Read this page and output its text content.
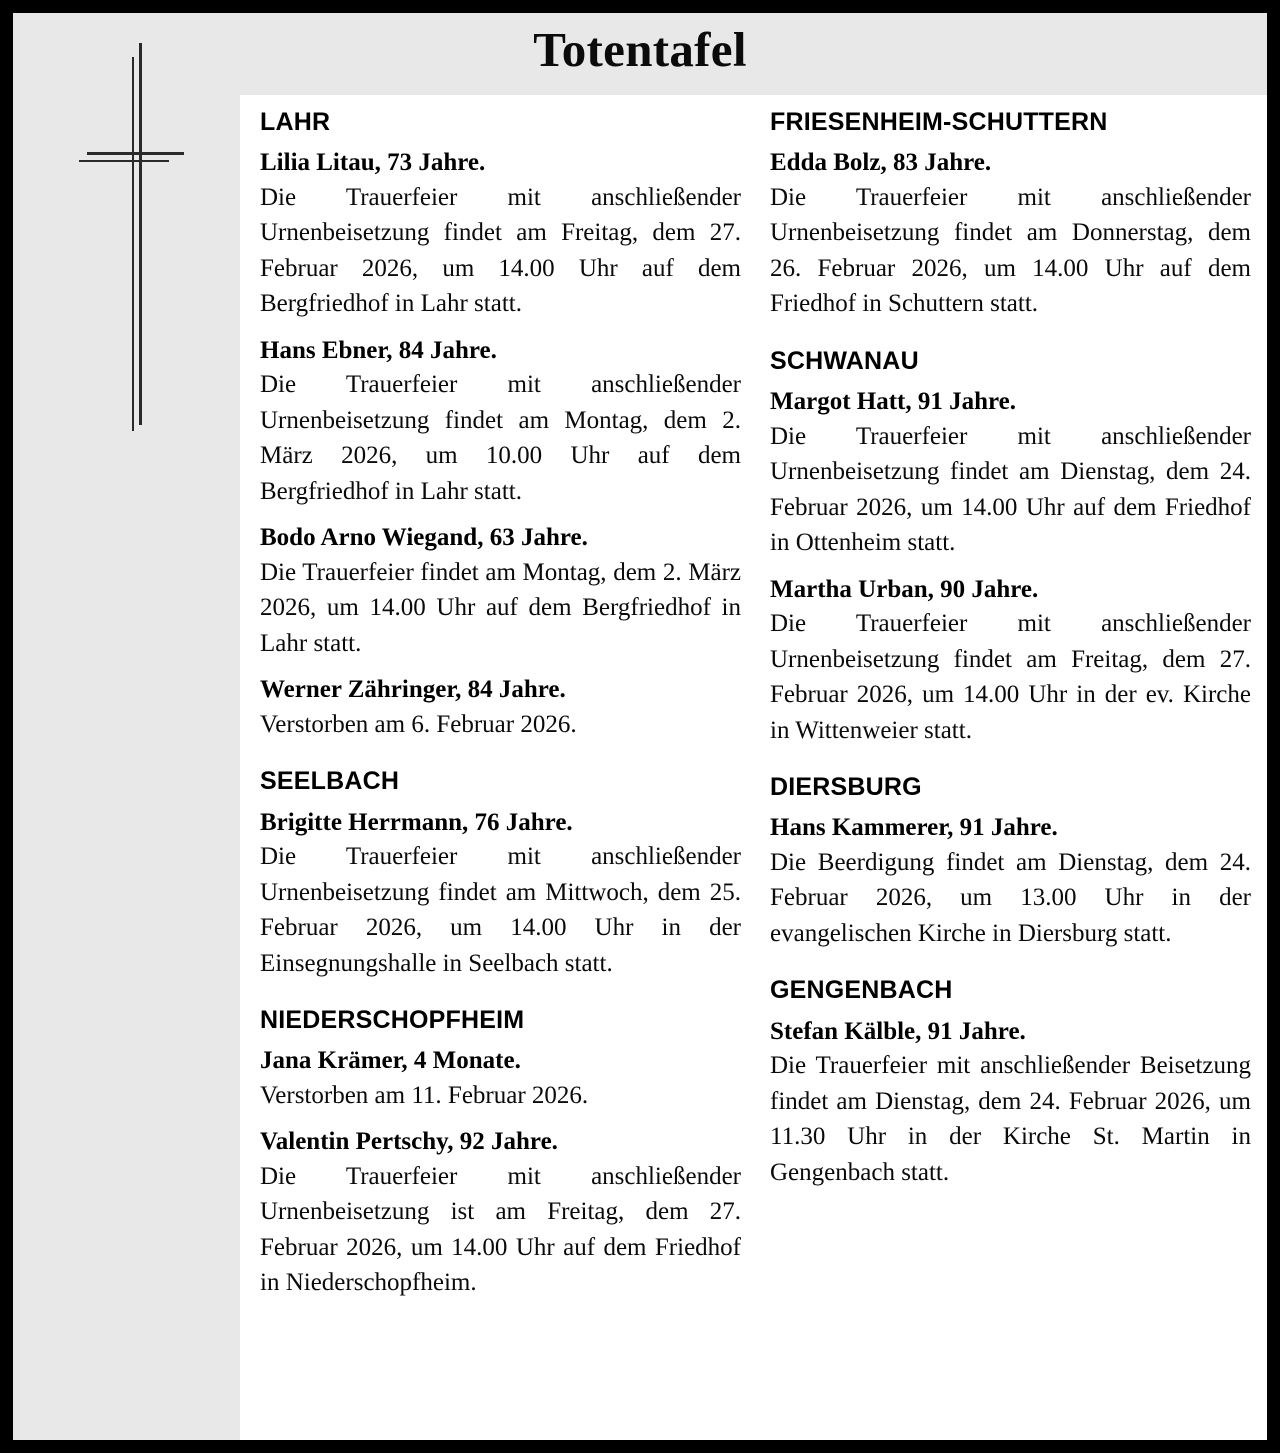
Totentafel
LAHR
Lilia Litau, 73 Jahre.

Die Trauerfeier mit anschließender Urnenbeisetzung findet am Freitag, dem 27. Februar 2026, um 14.00 Uhr auf dem Bergfriedhof in Lahr statt.

Hans Ebner, 84 Jahre.

Die Trauerfeier mit anschließender Urnenbeisetzung findet am Montag, dem 2. März 2026, um 10.00 Uhr auf dem Bergfriedhof in Lahr statt.

Bodo Arno Wiegand, 63 Jahre.

Die Trauerfeier findet am Montag, dem 2. März 2026, um 14.00 Uhr auf dem Bergfriedhof in Lahr statt.

Werner Zähringer, 84 Jahre.

Verstorben am 6. Februar 2026.

SEELBACH
Brigitte Herrmann, 76 Jahre.

Die Trauerfeier mit anschließender Urnenbeisetzung findet am Mittwoch, dem 25. Februar 2026, um 14.00 Uhr in der Einsegnungshalle in Seelbach statt.

NIEDERSCHOPFHEIM
Jana Krämer, 4 Monate.

Verstorben am 11. Februar 2026.

Valentin Pertschy, 92 Jahre.

Die Trauerfeier mit anschließender Urnenbeisetzung ist am Freitag, dem 27. Februar 2026, um 14.00 Uhr auf dem Friedhof in Niederschopfheim.

FRIESENHEIM-SCHUTTERN
Edda Bolz, 83 Jahre.

Die Trauerfeier mit anschließender Urnenbeisetzung findet am Donnerstag, dem 26. Februar 2026, um 14.00 Uhr auf dem Friedhof in Schuttern statt.

SCHWANAU
Margot Hatt, 91 Jahre.

Die Trauerfeier mit anschließender Urnenbeisetzung findet am Dienstag, dem 24. Februar 2026, um 14.00 Uhr auf dem Friedhof in Ottenheim statt.

Martha Urban, 90 Jahre.

Die Trauerfeier mit anschließender Urnenbeisetzung findet am Freitag, dem 27. Februar 2026, um 14.00 Uhr in der ev. Kirche in Wittenweier statt.

DIERSBURG
Hans Kammerer, 91 Jahre.

Die Beerdigung findet am Dienstag, dem 24. Februar 2026, um 13.00 Uhr in der evangelischen Kirche in Diersburg statt.

GENGENBACH
Stefan Kälble, 91 Jahre.

Die Trauerfeier mit anschließender Beisetzung findet am Dienstag, dem 24. Februar 2026, um 11.30 Uhr in der Kirche St. Martin in Gengenbach statt.
